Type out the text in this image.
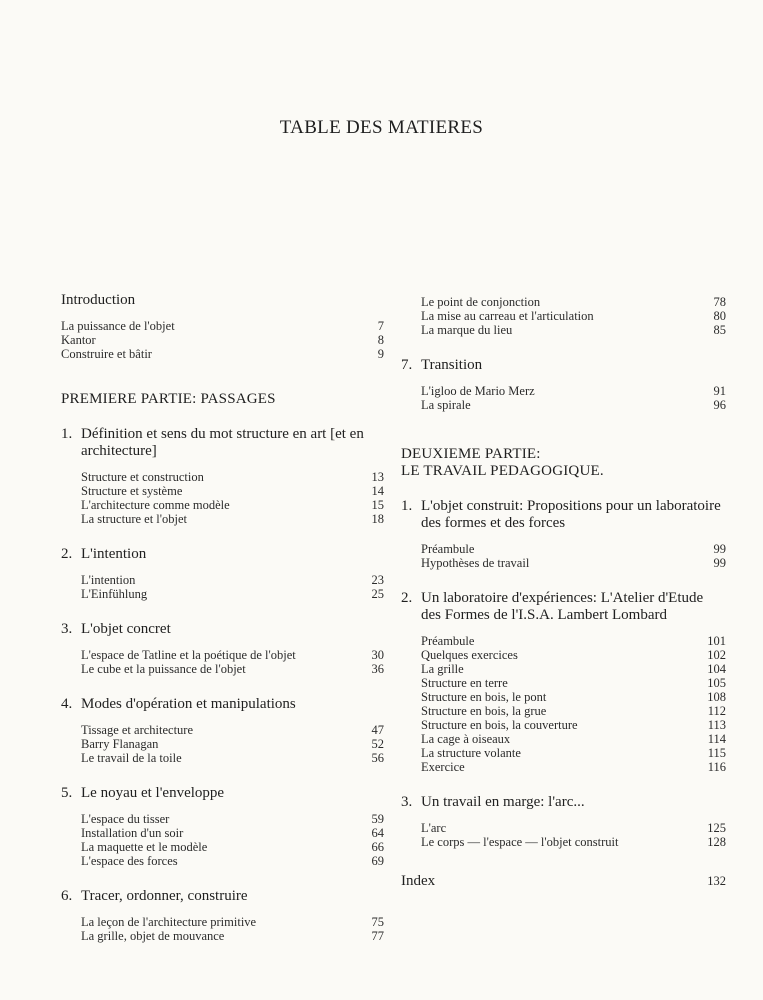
TABLE DES MATIERES
Introduction
La puissance de l'objet	7
Kantor	8
Construire et bâtir	9
PREMIERE PARTIE: PASSAGES
1. Définition et sens du mot structure en art [et en architecture]
Structure et construction	13
Structure et système	14
L'architecture comme modèle	15
La structure et l'objet	18
2. L'intention
L'intention	23
L'Einfühlung	25
3. L'objet concret
L'espace de Tatline et la poétique de l'objet	30
Le cube et la puissance de l'objet	36
4. Modes d'opération et manipulations
Tissage et architecture	47
Barry Flanagan	52
Le travail de la toile	56
5. Le noyau et l'enveloppe
L'espace du tisser	59
Installation d'un soir	64
La maquette et le modèle	66
L'espace des forces	69
6. Tracer, ordonner, construire
La leçon de l'architecture primitive	75
La grille, objet de mouvance	77
Le point de conjonction	78
La mise au carreau et l'articulation	80
La marque du lieu	85
7. Transition
L'igloo de Mario Merz	91
La spirale	96
DEUXIEME PARTIE:
LE TRAVAIL PEDAGOGIQUE.
1. L'objet construit: Propositions pour un laboratoire des formes et des forces
Préambule	99
Hypothèses de travail	99
2. Un laboratoire d'expériences: L'Atelier d'Etude des Formes de l'I.S.A. Lambert Lombard
Préambule	101
Quelques exercices	102
La grille	104
Structure en terre	105
Structure en bois, le pont	108
Structure en bois, la grue	112
Structure en bois, la couverture	113
La cage à oiseaux	114
La structure volante	115
Exercice	116
3. Un travail en marge: l'arc...
L'arc	125
Le corps — l'espace — l'objet construit	128
Index	132
